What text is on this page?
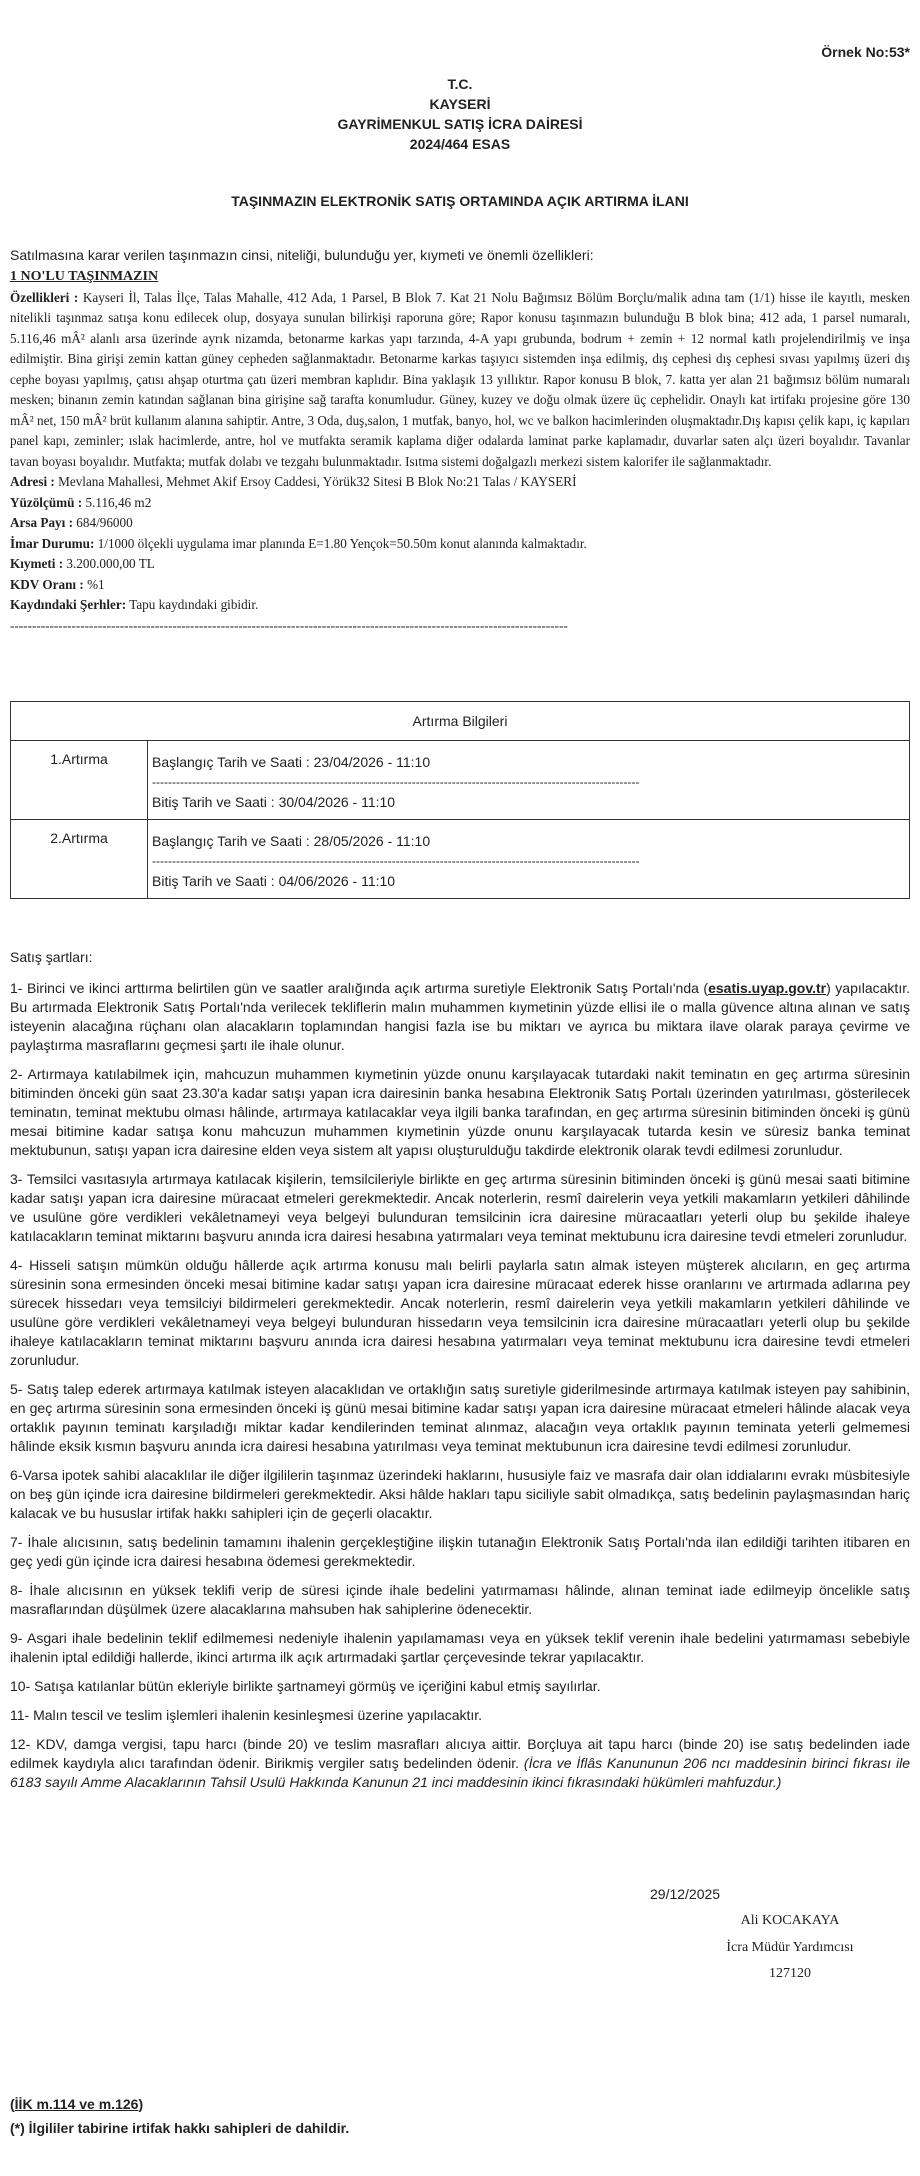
Örnek No:53*
T.C.
KAYSERİ
GAYRİMENKUL SATIŞ İCRA DAİRESİ
2024/464 ESAS
TAŞINMAZIN ELEKTRONİK SATIŞ ORTAMINDA AÇIK ARTIRMA İLANI
Satılmasına karar verilen taşınmazın cinsi, niteliği, bulunduğu yer, kıymeti ve önemli özellikleri:
1 NO'LU TAŞINMAZIN
Özellikleri : Kayseri İl, Talas İlçe, Talas Mahalle, 412 Ada, 1 Parsel, B Blok 7. Kat 21 Nolu Bağımsız Bölüm Borçlu/malik adına tam (1/1) hisse ile kayıtlı, mesken nitelikli taşınmaz satışa konu edilecek olup, dosyaya sunulan bilirkişi raporuna göre; Rapor konusu taşınmazın bulunduğu B blok bina; 412 ada, 1 parsel numaralı, 5.116,46 mÂ² alanlı arsa üzerinde ayrık nizamda, betonarme karkas yapı tarzında, 4-A yapı grubunda, bodrum + zemin + 12 normal katlı projelendirilmiş ve inşa edilmiştir. Bina girişi zemin kattan güney cepheden sağlanmaktadır. Betonarme karkas taşıyıcı sistemden inşa edilmiş, dış cephesi dış cephesi sıvası yapılmış üzeri dış cephe boyası yapılmış, çatısı ahşap oturtma çatı üzeri membran kaplıdır. Bina yaklaşık 13 yıllıktır. Rapor konusu B blok, 7. katta yer alan 21 bağımsız bölüm numaralı mesken; binanın zemin katından sağlanan bina girişine sağ tarafta konumludur. Güney, kuzey ve doğu olmak üzere üç cephelidir. Onaylı kat irtifakı projesine göre 130 mÂ² net, 150 mÂ² brüt kullanım alanına sahiptir. Antre, 3 Oda, duş,salon, 1 mutfak, banyo, hol, wc ve balkon hacimlerinden oluşmaktadır.Dış kapısı çelik kapı, iç kapıları panel kapı, zeminler; ıslak hacimlerde, antre, hol ve mutfakta seramik kaplama diğer odalarda laminat parke kaplamadır, duvarlar saten alçı üzeri boyalıdır. Tavanlar tavan boyası boyalıdır. Mutfakta; mutfak dolabı ve tezgahı bulunmaktadır. Isıtma sistemi doğalgazlı merkezi sistem kalorifer ile sağlanmaktadır.
Adresi : Mevlana Mahallesi, Mehmet Akif Ersoy Caddesi, Yörük32 Sitesi B Blok No:21 Talas / KAYSERİ
Yüzölçümü : 5.116,46 m2
Arsa Payı : 684/96000
İmar Durumu: 1/1000 ölçekli uygulama imar planında E=1.80 Yençok=50.50m konut alanında kalmaktadır.
Kıymeti : 3.200.000,00 TL
KDV Oranı : %1
Kaydındaki Şerhler: Tapu kaydındaki gibidir.
-------------------------------------------------------------------------------------------------------------------------------
Artırma Bilgileri	
1.Artırma	Başlangıç Tarih ve Saati : 23/04/2026 - 11:10
--------------------------------------------------------------------------------------------------------------------------
Bitiş Tarih ve Saati : 30/04/2026 - 11:10

2.Artırma	Başlangıç Tarih ve Saati : 28/05/2026 - 11:10
--------------------------------------------------------------------------------------------------------------------------
Bitiş Tarih ve Saati : 04/06/2026 - 11:10

Satış şartları:

1- Birinci ve ikinci arttırma belirtilen gün ve saatler aralığında açık artırma suretiyle Elektronik Satış Portalı'nda (esatis.uyap.gov.tr) yapılacaktır. Bu artırmada Elektronik Satış Portalı'nda verilecek tekliflerin malın muhammen kıymetinin yüzde ellisi ile o malla güvence altına alınan ve satış isteyenin alacağına rüçhanı olan alacakların toplamından hangisi fazla ise bu miktarı ve ayrıca bu miktara ilave olarak paraya çevirme ve paylaştırma masraflarını geçmesi şartı ile ihale olunur.

2- Artırmaya katılabilmek için, mahcuzun muhammen kıymetinin yüzde onunu karşılayacak tutardaki nakit teminatın en geç artırma süresinin bitiminden önceki gün saat 23.30'a kadar satışı yapan icra dairesinin banka hesabına Elektronik Satış Portalı üzerinden yatırılması, gösterilecek teminatın, teminat mektubu olması hâlinde, artırmaya katılacaklar veya ilgili banka tarafından, en geç artırma süresinin bitiminden önceki iş günü mesai bitimine kadar satışa konu mahcuzun muhammen kıymetinin yüzde onunu karşılayacak tutarda kesin ve süresiz banka teminat mektubunun, satışı yapan icra dairesine elden veya sistem alt yapısı oluşturulduğu takdirde elektronik olarak tevdi edilmesi zorunludur.

3- Temsilci vasıtasıyla artırmaya katılacak kişilerin, temsilcileriyle birlikte en geç artırma süresinin bitiminden önceki iş günü mesai saati bitimine kadar satışı yapan icra dairesine müracaat etmeleri gerekmektedir. Ancak noterlerin, resmî dairelerin veya yetkili makamların yetkileri dâhilinde ve usulüne göre verdikleri vekâletnameyi veya belgeyi bulunduran temsilcinin icra dairesine müracaatları yeterli olup bu şekilde ihaleye katılacakların teminat miktarını başvuru anında icra dairesi hesabına yatırmaları veya teminat mektubunu icra dairesine tevdi etmeleri zorunludur.

4- Hisseli satışın mümkün olduğu hâllerde açık artırma konusu malı belirli paylarla satın almak isteyen müşterek alıcıların, en geç artırma süresinin sona ermesinden önceki mesai bitimine kadar satışı yapan icra dairesine müracaat ederek hisse oranlarını ve artırmada adlarına pey sürecek hissedarı veya temsilciyi bildirmeleri gerekmektedir. Ancak noterlerin, resmî dairelerin veya yetkili makamların yetkileri dâhilinde ve usulüne göre verdikleri vekâletnameyi veya belgeyi bulunduran hissedarın veya temsilcinin icra dairesine müracaatları yeterli olup bu şekilde ihaleye katılacakların teminat miktarını başvuru anında icra dairesi hesabına yatırmaları veya teminat mektubunu icra dairesine tevdi etmeleri zorunludur.

5- Satış talep ederek artırmaya katılmak isteyen alacaklıdan ve ortaklığın satış suretiyle giderilmesinde artırmaya katılmak isteyen pay sahibinin, en geç artırma süresinin sona ermesinden önceki iş günü mesai bitimine kadar satışı yapan icra dairesine müracaat etmeleri hâlinde alacak veya ortaklık payının teminatı karşıladığı miktar kadar kendilerinden teminat alınmaz, alacağın veya ortaklık payının teminata yeterli gelmemesi hâlinde eksik kısmın başvuru anında icra dairesi hesabına yatırılması veya teminat mektubunun icra dairesine tevdi edilmesi zorunludur.

6-Varsa ipotek sahibi alacaklılar ile diğer ilgililerin taşınmaz üzerindeki haklarını, hususiyle faiz ve masrafa dair olan iddialarını evrakı müsbitesiyle on beş gün içinde icra dairesine bildirmeleri gerekmektedir. Aksi hâlde hakları tapu siciliyle sabit olmadıkça, satış bedelinin paylaşmasından hariç kalacak ve bu hususlar irtifak hakkı sahipleri için de geçerli olacaktır.

7- İhale alıcısının, satış bedelinin tamamını ihalenin gerçekleştiğine ilişkin tutanağın Elektronik Satış Portalı'nda ilan edildiği tarihten itibaren en geç yedi gün içinde icra dairesi hesabına ödemesi gerekmektedir.

8- İhale alıcısının en yüksek teklifi verip de süresi içinde ihale bedelini yatırmaması hâlinde, alınan teminat iade edilmeyip öncelikle satış masraflarından düşülmek üzere alacaklarına mahsuben hak sahiplerine ödenecektir.

9- Asgari ihale bedelinin teklif edilmemesi nedeniyle ihalenin yapılamaması veya en yüksek teklif verenin ihale bedelini yatırmaması sebebiyle ihalenin iptal edildiği hallerde, ikinci artırma ilk açık artırmadaki şartlar çerçevesinde tekrar yapılacaktır.

10- Satışa katılanlar bütün ekleriyle birlikte şartnameyi görmüş ve içeriğini kabul etmiş sayılırlar.

11- Malın tescil ve teslim işlemleri ihalenin kesinleşmesi üzerine yapılacaktır.

12- KDV, damga vergisi, tapu harcı (binde 20) ve teslim masrafları alıcıya aittir. Borçluya ait tapu harcı (binde 20) ise satış bedelinden iade edilmek kaydıyla alıcı tarafından ödenir. Birikmiş vergiler satış bedelinden ödenir. (İcra ve İflâs Kanununun 206 ncı maddesinin birinci fıkrası ile 6183 sayılı Amme Alacaklarının Tahsil Usulü Hakkında Kanunun 21 inci maddesinin ikinci fıkrasındaki hükümleri mahfuzdur.)

29/12/2025
Ali KOCAKAYA
İcra Müdür Yardımcısı
127120
(İİK m.114 ve m.126)
(*) İlgililer tabirine irtifak hakkı sahipleri de dahildir.
